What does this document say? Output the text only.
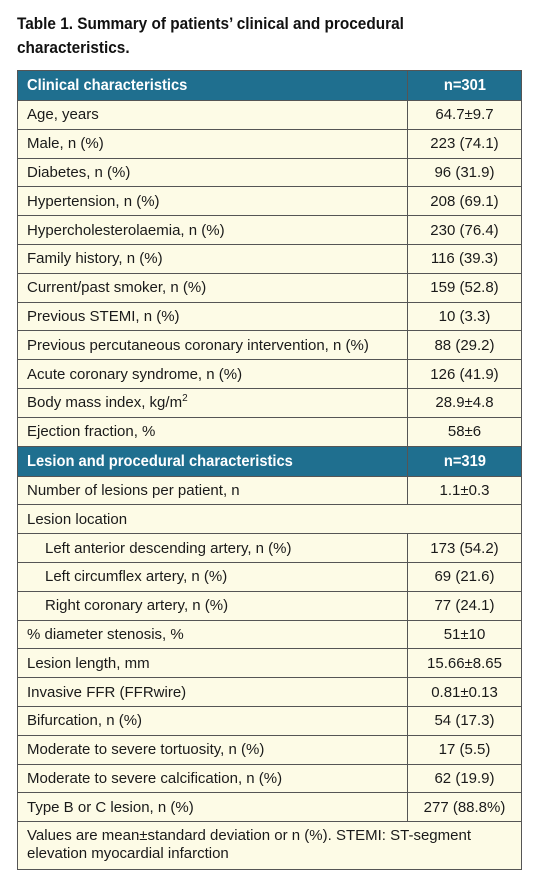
Table 1. Summary of patients’ clinical and procedural characteristics.
Clinical characteristics	n=301
Age, years	64.7±9.7
Male, n (%)	223 (74.1)
Diabetes, n (%)	96 (31.9)
Hypertension, n (%)	208 (69.1)
Hypercholesterolaemia, n (%)	230 (76.4)
Family history, n (%)	116 (39.3)
Current/past smoker, n (%)	159 (52.8)
Previous STEMI, n (%)	10 (3.3)
Previous percutaneous coronary intervention, n (%)	88 (29.2)
Acute coronary syndrome, n (%)	126 (41.9)
Body mass index, $kg/m^2$	28.9±4.8
Ejection fraction, %	58±6
Lesion and procedural characteristics	n=319
Number of lesions per patient, n	1.1±0.3
Lesion location	
Left anterior descending artery, n (%)	173 (54.2)
Left circumflex artery, n (%)	69 (21.6)
Right coronary artery, n (%)	77 (24.1)
% diameter stenosis, %	51±10
Lesion length, mm	15.66±8.65
Invasive FFR (FFRwire)	0.81±0.13
Bifurcation, n (%)	54 (17.3)
Moderate to severe tortuosity, n (%)	17 (5.5)
Moderate to severe calcification, n (%)	62 (19.9)
Type B or C lesion, n (%)	277 (88.8%)
Values are mean±standard deviation or n (%). STEMI: ST-segment elevation myocardial infarction	
